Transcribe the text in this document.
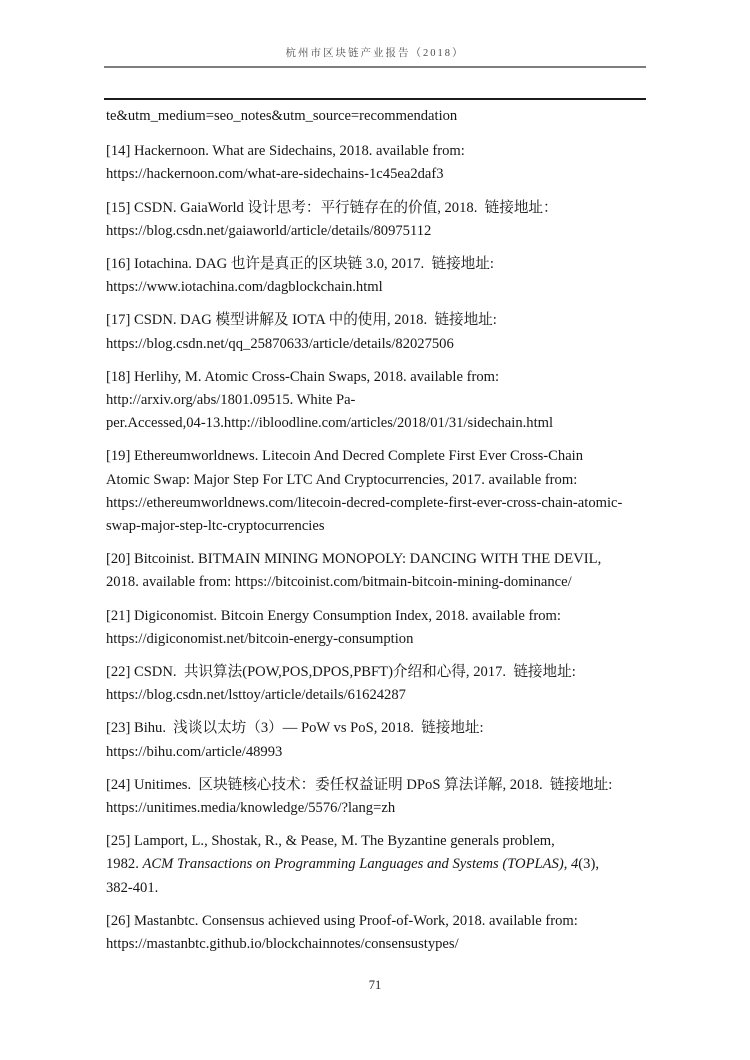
杭州市区块链产业报告（2018）
te&utm_medium=seo_notes&utm_source=recommendation

[14] Hackernoon. What are Sidechains, 2018. available from:
https://hackernoon.com/what-are-sidechains-1c45ea2daf3

[15] CSDN. GaiaWorld 设计思考：平行链存在的价值, 2018.  链接地址：
https://blog.csdn.net/gaiaworld/article/details/80975112

[16] Iotachina. DAG 也许是真正的区块链 3.0, 2017.  链接地址:
https://www.iotachina.com/dagblockchain.html

[17] CSDN. DAG 模型讲解及 IOTA 中的使用, 2018.  链接地址:
https://blog.csdn.net/qq_25870633/article/details/82027506

[18] Herlihy, M. Atomic Cross-Chain Swaps, 2018. available from:
http://arxiv.org/abs/1801.09515. White Pa-
per.Accessed,04-13.http://ibloodline.com/articles/2018/01/31/sidechain.html

[19] Ethereumworldnews. Litecoin And Decred Complete First Ever Cross-Chain
Atomic Swap: Major Step For LTC And Cryptocurrencies, 2017. available from:
https://ethereumworldnews.com/litecoin-decred-complete-first-ever-cross-chain-atomic-
swap-major-step-ltc-cryptocurrencies

[20] Bitcoinist. BITMAIN MINING MONOPOLY: DANCING WITH THE DEVIL,
2018. available from: https://bitcoinist.com/bitmain-bitcoin-mining-dominance/

[21] Digiconomist. Bitcoin Energy Consumption Index, 2018. available from:
https://digiconomist.net/bitcoin-energy-consumption

[22] CSDN.  共识算法(POW,POS,DPOS,PBFT)介绍和心得, 2017.  链接地址:
https://blog.csdn.net/lsttoy/article/details/61624287

[23] Bihu.  浅谈以太坊（3）— PoW vs PoS, 2018.  链接地址:
https://bihu.com/article/48993

[24] Unitimes.  区块链核心技术：委任权益证明 DPoS 算法详解, 2018.  链接地址:
https://unitimes.media/knowledge/5576/?lang=zh

[25] Lamport, L., Shostak, R., & Pease, M. The Byzantine generals problem,
1982. ACM Transactions on Programming Languages and Systems (TOPLAS), 4(3),
382-401.

[26] Mastanbtc. Consensus achieved using Proof-of-Work, 2018. available from:
https://mastanbtc.github.io/blockchainnotes/consensustypes/

71
